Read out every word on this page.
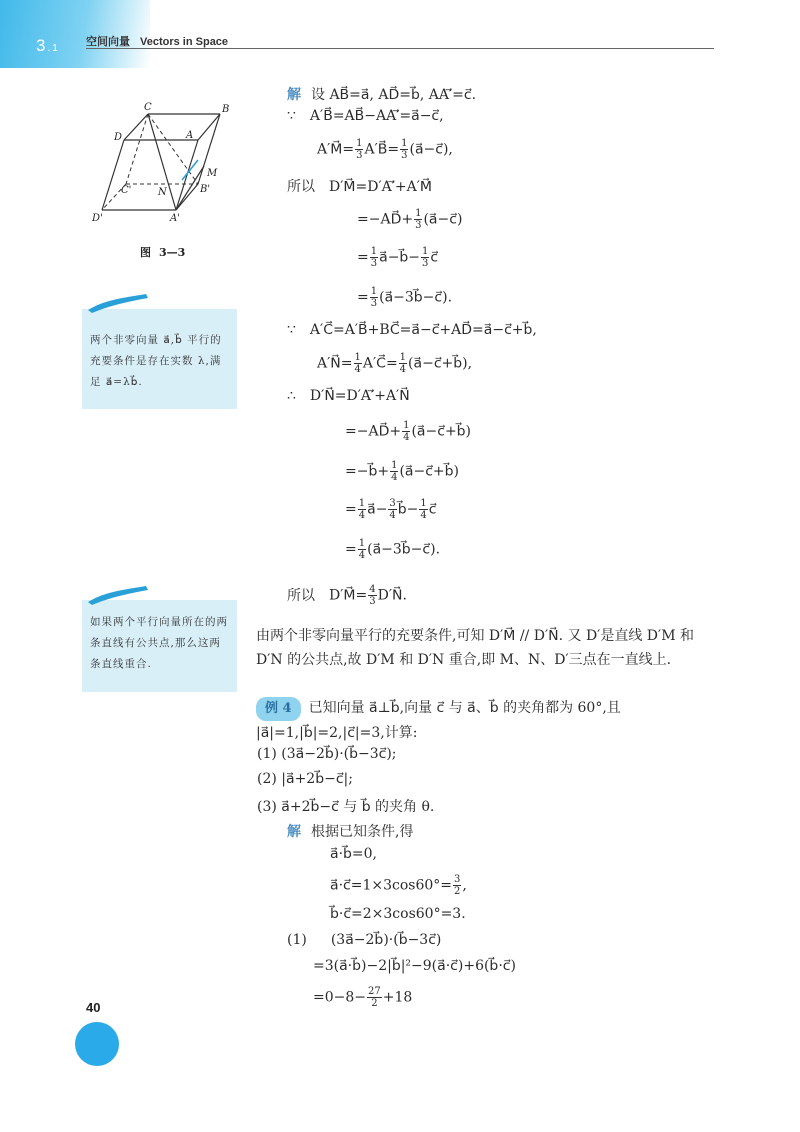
3.1
空间向量 Vectors in Space
C	B
D	A
M
C'	N	B'
D'	A'
图 3—3
两个非零向量 a⃗,b⃗ 平行的充要条件是存在实数 λ,满足 a⃗=λb⃗.
如果两个平行向量所在的两条直线有公共点,那么这两条直线重合.
解 设 AB⃗=a⃗, AD⃗=b⃗, AA′⃗=c⃗.
∵ A′B⃗=AB⃗−AA′⃗=a⃗−c⃗,
A′M⃗= $\frac{1}{3}$ A′B⃗= $\frac{1}{3}$ (a⃗−c⃗),
所以 D′M⃗=D′A′⃗+A′M⃗
=−AD⃗+ $\frac{1}{3}$ (a⃗−c⃗)
= $\frac{1}{3}$ a⃗−b⃗− $\frac{1}{3}$ c⃗
= $\frac{1}{3}$ (a⃗−3b⃗−c⃗).
∵ A′C⃗=A′B⃗+BC⃗=a⃗−c⃗+AD⃗=a⃗−c⃗+b⃗,
A′N⃗= $\frac{1}{4}$ A′C⃗= $\frac{1}{4}$ (a⃗−c⃗+b⃗),
∴ D′N⃗=D′A′⃗+A′N⃗
=−AD⃗+ $\frac{1}{4}$ (a⃗−c⃗+b⃗)
=−b⃗+ $\frac{1}{4}$ (a⃗−c⃗+b⃗)
= $\frac{1}{4}$ a⃗− $\frac{3}{4}$ b⃗− $\frac{1}{4}$ c⃗
= $\frac{1}{4}$ (a⃗−3b⃗−c⃗).
所以 D′M⃗= $\frac{4}{3}$ D′N⃗.
由两个非零向量平行的充要条件,可知 D′M⃗ // D′N⃗. 又 D′是直线 D′M 和 D′N 的公共点,故 D′M 和 D′N 重合,即 M、N、D′三点在一直线上.
例 4 已知向量 a⃗⊥b⃗,向量 c⃗ 与 a⃗、b⃗ 的夹角都为 60°,且 |a⃗|=1,|b⃗|=2,|c⃗|=3,计算:
(1) (3a⃗−2b⃗)·(b⃗−3c⃗);
(2) |a⃗+2b⃗−c⃗|;
(3) a⃗+2b⃗−c⃗ 与 b⃗ 的夹角 θ.
解 根据已知条件,得
a⃗·b⃗=0,
a⃗·c⃗=1×3cos60°= $\frac{3}{2}$ ,
b⃗·c⃗=2×3cos60°=3.
(1) (3a⃗−2b⃗)·(b⃗−3c⃗)
=3(a⃗·b⃗)−2|b⃗|²−9(a⃗·c⃗)+6(b⃗·c⃗)
$=0-8- \frac{27}{2} +18$
40
